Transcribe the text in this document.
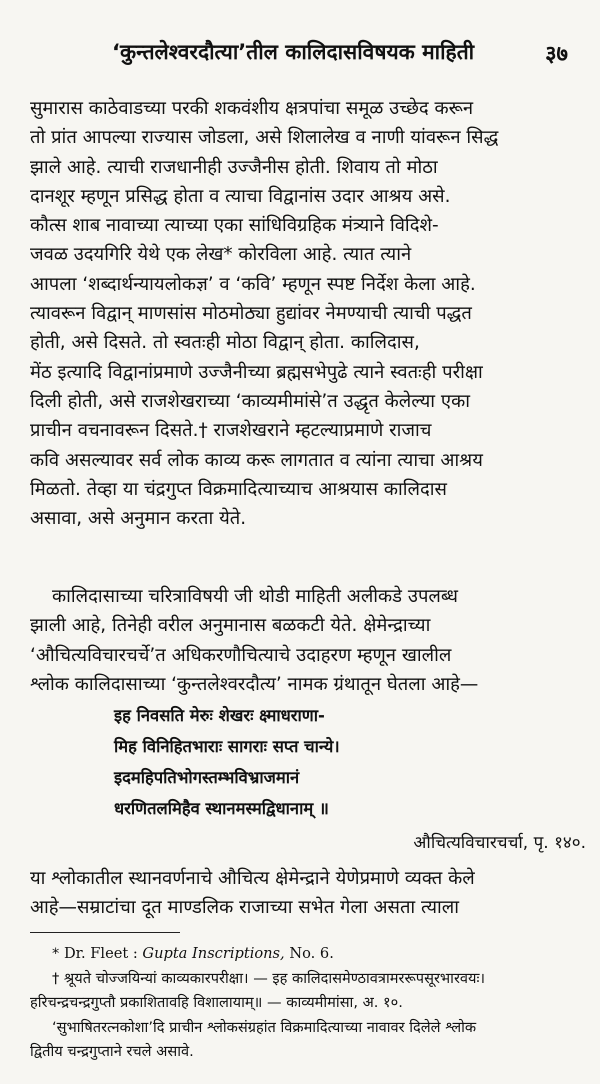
‘कुन्तलेश्वरदौत्या’तील कालिदासविषयक माहिती	३७
सुमारास काठेवाडच्या परकी शकवंशीय क्षत्रपांचा समूळ उच्छेद करून
तो प्रांत आपल्या राज्यास जोडला, असे शिलालेख व नाणी यांवरून सिद्ध
झाले आहे. त्याची राजधानीही उज्जैनीस होती. शिवाय तो मोठा
दानशूर म्हणून प्रसिद्ध होता व त्याचा विद्वानांस उदार आश्रय असे.
कौत्स शाब नावाच्या त्याच्या एका सांधिविग्रहिक मंत्र्याने विदिशे-
जवळ उदयगिरि येथे एक लेख* कोरविला आहे. त्यात त्याने
आपला ‘शब्दार्थन्यायलोकज्ञ’ व ‘कवि’ म्हणून स्पष्ट निर्देश केला आहे.
त्यावरून विद्वान् माणसांस मोठमोठ्या हुद्यांवर नेमण्याची त्याची पद्धत
होती, असे दिसते. तो स्वतःही मोठा विद्वान् होता. कालिदास,
मेंठ इत्यादि विद्वानांप्रमाणे उज्जैनीच्या ब्रह्मसभेपुढे त्याने स्वतःही परीक्षा
दिली होती, असे राजशेखराच्या ‘काव्यमीमांसे’त उद्धृत केलेल्या एका
प्राचीन वचनावरून दिसते.† राजशेखराने म्हटल्याप्रमाणे राजाच
कवि असल्यावर सर्व लोक काव्य करू लागतात व त्यांना त्याचा आश्रय
मिळतो. तेव्हा या चंद्रगुप्त विक्रमादित्याच्याच आश्रयास कालिदास
असावा, असे अनुमान करता येते.
कालिदासाच्या चरित्राविषयी जी थोडी माहिती अलीकडे उपलब्ध
झाली आहे, तिनेही वरील अनुमानास बळकटी येते. क्षेमेन्द्राच्या
‘औचित्यविचारचर्चे’त अधिकरणौचित्याचे उदाहरण म्हणून खालील
श्लोक कालिदासाच्या ‘कुन्तलेश्वरदौत्य’ नामक ग्रंथातून घेतला आहे—
इह निवसति मेरुः शेखरः क्ष्माधराणा-
मिह विनिहितभाराः सागराः सप्त चान्ये।
इदमहिपतिभोगस्तम्भविभ्राजमानं
धरणितलमिहैव स्थानमस्मद्विधानाम् ॥
औचित्यविचारचर्चा, पृ. १४०.
या श्लोकातील स्थानवर्णनाचे औचित्य क्षेमेन्द्राने येणेप्रमाणे व्यक्त केले
आहे—सम्राटांचा दूत माण्डलिक राजाच्या सभेत गेला असता त्याला
* Dr. Fleet : Gupta Inscriptions, No. 6.
† श्रूयते चोज्जयिन्यां काव्यकारपरीक्षा। — इह कालिदासमेण्ठावत्रामररूपसूरभारवयः।
हरिचन्द्रचन्द्रगुप्तौ प्रकाशितावहि विशालायाम्॥ — काव्यमीमांसा, अ. १०.
‘सुभाषितरत्नकोशा’दि प्राचीन श्लोकसंग्रहांत विक्रमादित्याच्या नावावर दिलेले श्लोक
द्वितीय चन्द्रगुप्ताने रचले असावे.
